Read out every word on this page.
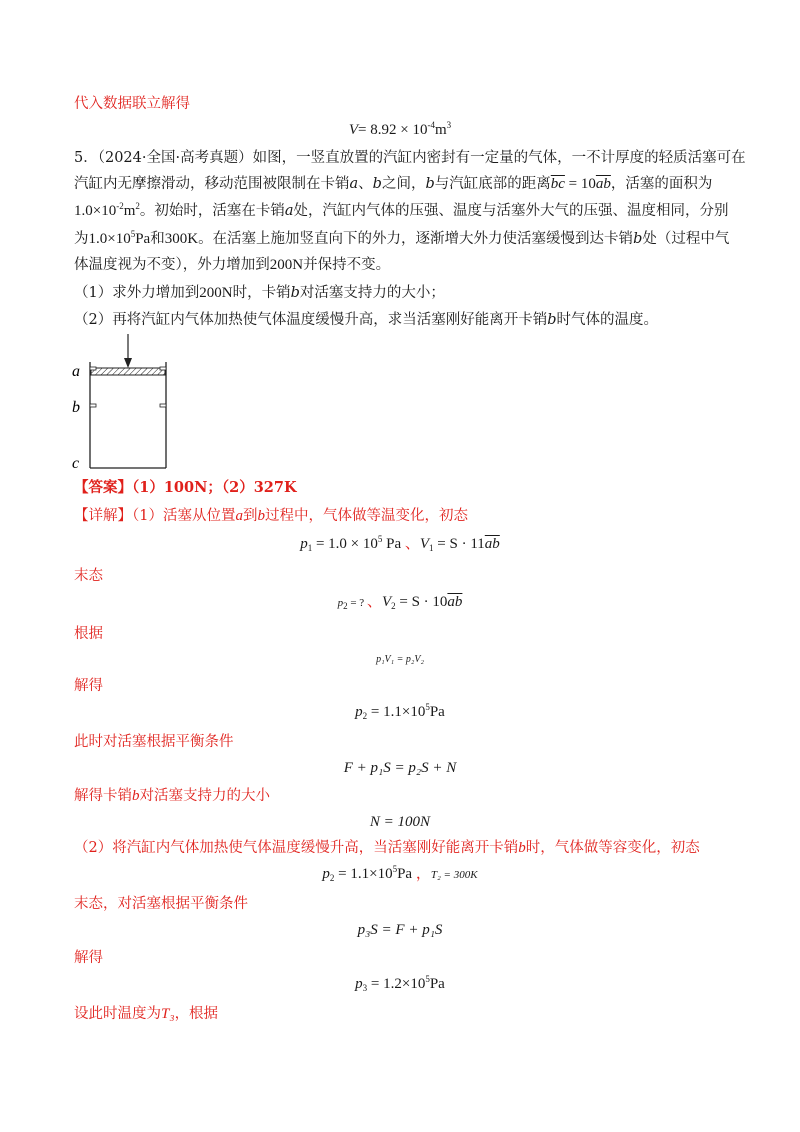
代入数据联立解得
$V= 8.92 \times 10^{-4}m^3$
5．（2024·全国·高考真题）如图，一竖直放置的汽缸内密封有一定量的气体，一不计厚度的轻质活塞可在
汽缸内无摩擦滑动，移动范围被限制在卡销a、b之间，b与汽缸底部的距离$\overline{bc} = 10\overline{ab}$，活塞的面积为
$1.0\times 10^{-2}m^2$。初始时，活塞在卡销a处，汽缸内气体的压强、温度与活塞外大气的压强、温度相同，分别
为$1.0\times 10^5Pa$和300K。在活塞上施加竖直向下的外力，逐渐增大外力使活塞缓慢到达卡销b处（过程中气
体温度视为不变），外力增加到200N并保持不变。
（1）求外力增加到200N时，卡销b对活塞支持力的大小；
（2）再将汽缸内气体加热使气体温度缓慢升高，求当活塞刚好能离开卡销b时气体的温度。
a
b
c
【答案】（1）100N；（2）327K
【详解】（1）活塞从位置a到b过程中，气体做等温变化，初态
$p_1 = 1.0 \times 10^5$ Pa 、$V_1 = S \cdot 11\overline{ab}$
末态
$p_2$ = ? 、$V_2 = S \cdot 10\overline{ab}$
根据
p₁V₁ = p₂V₂
解得
$p_2 = 1.1\times 10^5Pa$
此时对活塞根据平衡条件
F + p₁S = p₂S + N
解得卡销b对活塞支持力的大小
N = 100N
（2）将汽缸内气体加热使气体温度缓慢升高，当活塞刚好能离开卡销b时，气体做等容变化，初态
$p_2 = 1.1\times 10^5Pa$ ，T₂ = 300K
末态，对活塞根据平衡条件
p₃S = F + p₁S
解得
$p_3 = 1.2\times 10^5Pa$
设此时温度为T₃，根据
